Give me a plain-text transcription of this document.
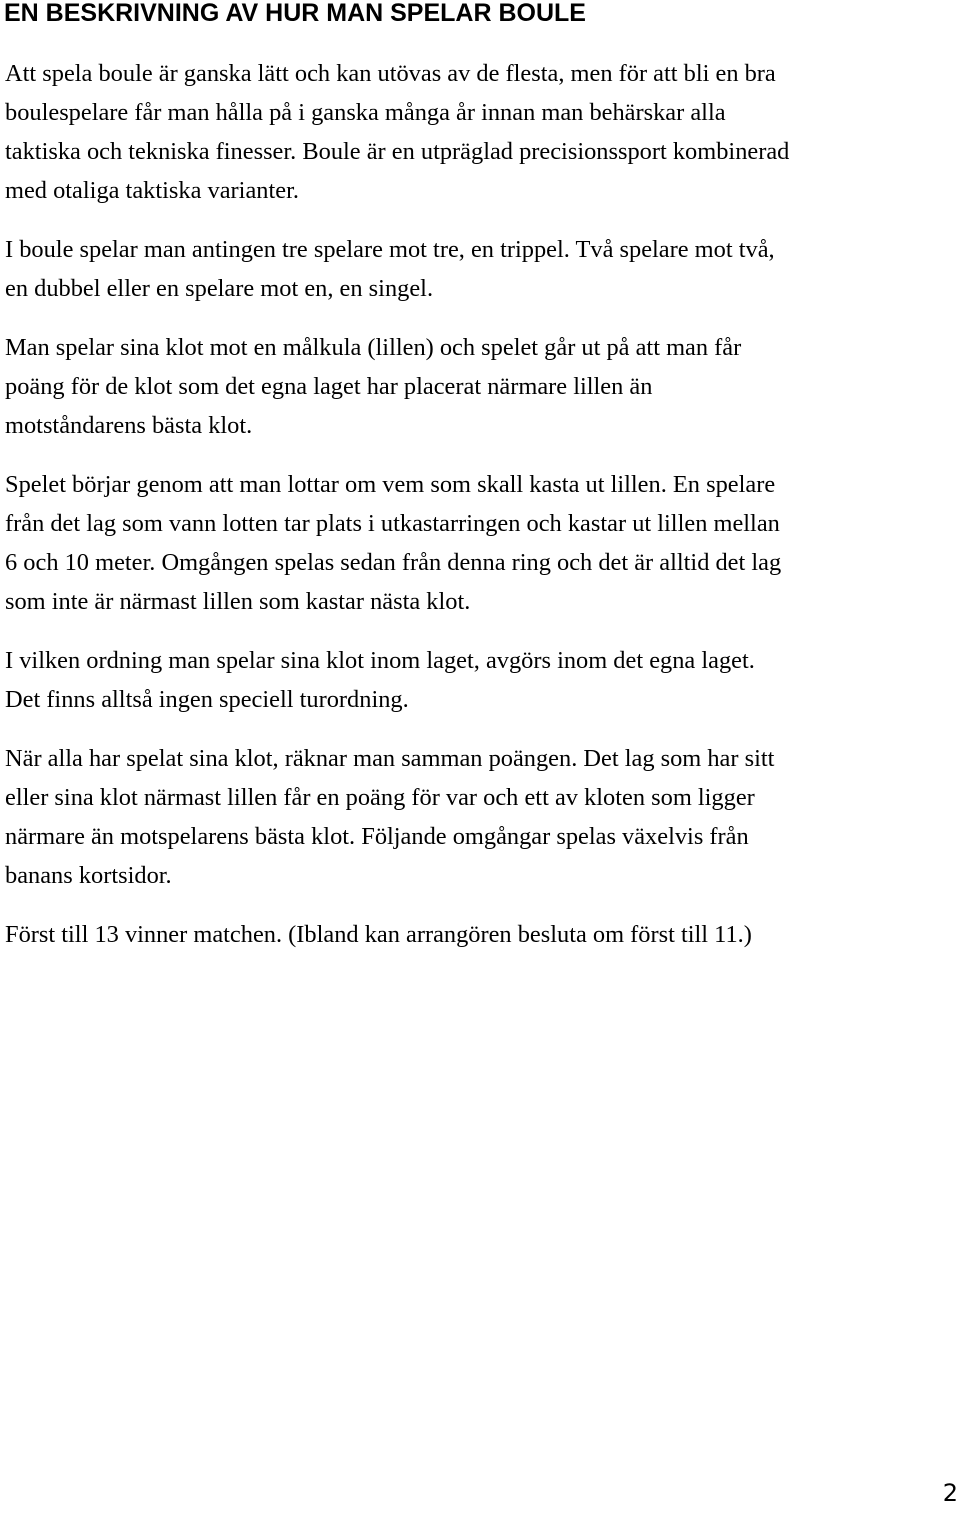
EN BESKRIVNING AV HUR MAN SPELAR BOULE

Att spela boule är ganska lätt och kan utövas av de flesta, men för att bli en bra
boulespelare får man hålla på i ganska många år innan man behärskar alla
taktiska och tekniska finesser. Boule är en utpräglad precisionssport kombinerad
med otaliga taktiska varianter.

I boule spelar man antingen tre spelare mot tre, en trippel. Två spelare mot två,
en dubbel eller en spelare mot en, en singel.

Man spelar sina klot mot en målkula (lillen) och spelet går ut på att man får
poäng för de klot som det egna laget har placerat närmare lillen än
motståndarens bästa klot.

Spelet börjar genom att man lottar om vem som skall kasta ut lillen. En spelare
från det lag som vann lotten tar plats i utkastarringen och kastar ut lillen mellan
6 och 10 meter. Omgången spelas sedan från denna ring och det är alltid det lag
som inte är närmast lillen som kastar nästa klot.

I vilken ordning man spelar sina klot inom laget, avgörs inom det egna laget.
Det finns alltså ingen speciell turordning.

När alla har spelat sina klot, räknar man samman poängen. Det lag som har sitt
eller sina klot närmast lillen får en poäng för var och ett av kloten som ligger
närmare än motspelarens bästa klot. Följande omgångar spelas växelvis från
banans kortsidor.

Först till 13 vinner matchen. (Ibland kan arrangören besluta om först till 11.)

2
